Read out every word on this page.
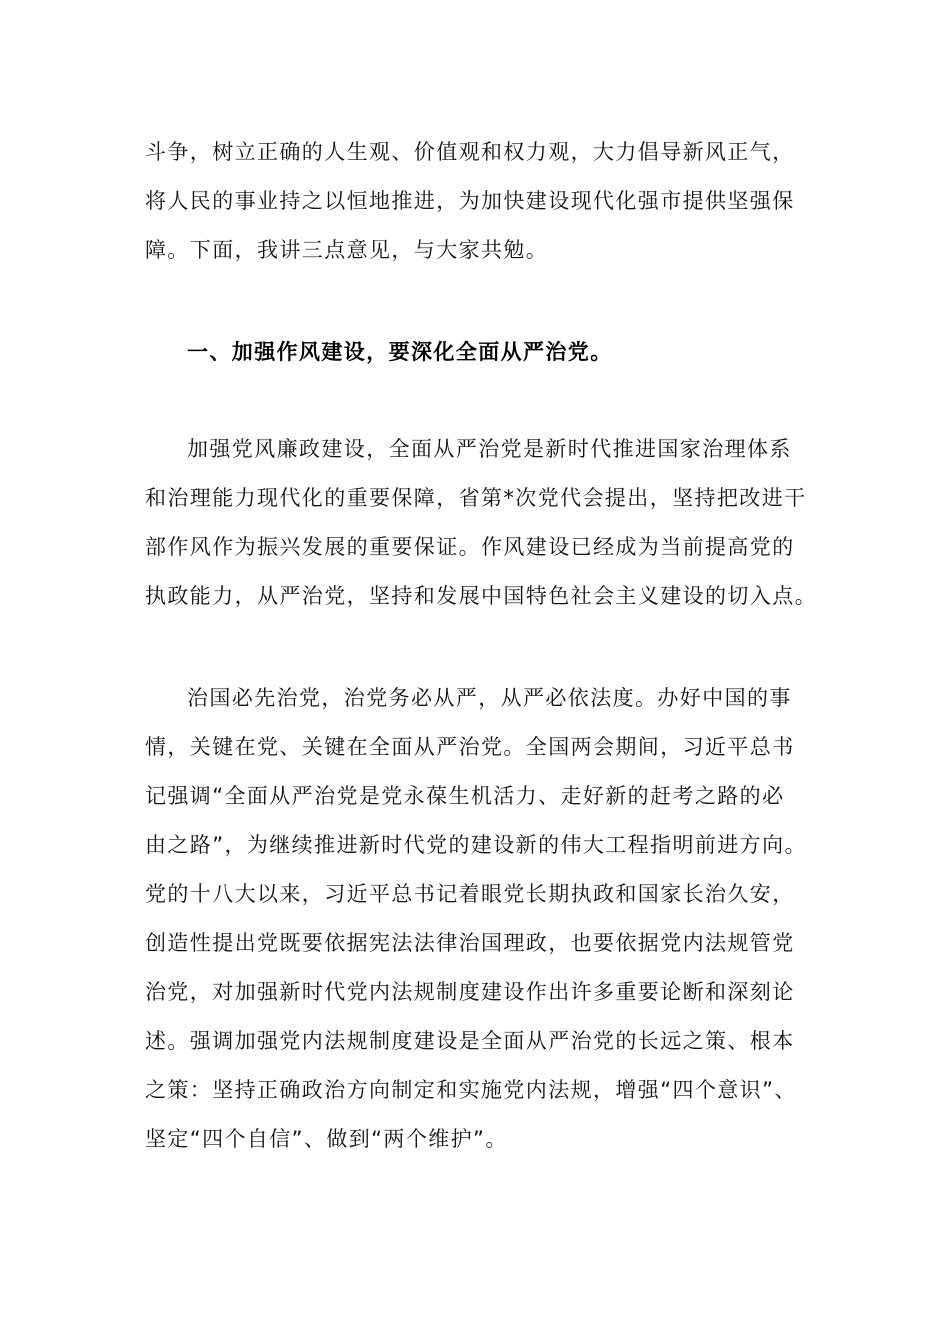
斗争，树立正确的人生观、价值观和权力观，大力倡导新风正气，
将人民的事业持之以恒地推进，为加快建设现代化强市提供坚强保
障。下面，我讲三点意见，与大家共勉。
一、加强作风建设，要深化全面从严治党。
加强党风廉政建设，全面从严治党是新时代推进国家治理体系
和治理能力现代化的重要保障，省第*次党代会提出，坚持把改进干
部作风作为振兴发展的重要保证。作风建设已经成为当前提高党的
执政能力，从严治党，坚持和发展中国特色社会主义建设的切入点。
治国必先治党，治党务必从严，从严必依法度。办好中国的事
情，关键在党、关键在全面从严治党。全国两会期间，习近平总书
记强调“全面从严治党是党永葆生机活力、走好新的赶考之路的必
由之路”，为继续推进新时代党的建设新的伟大工程指明前进方向。
党的十八大以来，习近平总书记着眼党长期执政和国家长治久安，
创造性提出党既要依据宪法法律治国理政，也要依据党内法规管党
治党，对加强新时代党内法规制度建设作出许多重要论断和深刻论
述。强调加强党内法规制度建设是全面从严治党的长远之策、根本
之策：坚持正确政治方向制定和实施党内法规，增强“四个意识”、
坚定“四个自信”、做到“两个维护”。
